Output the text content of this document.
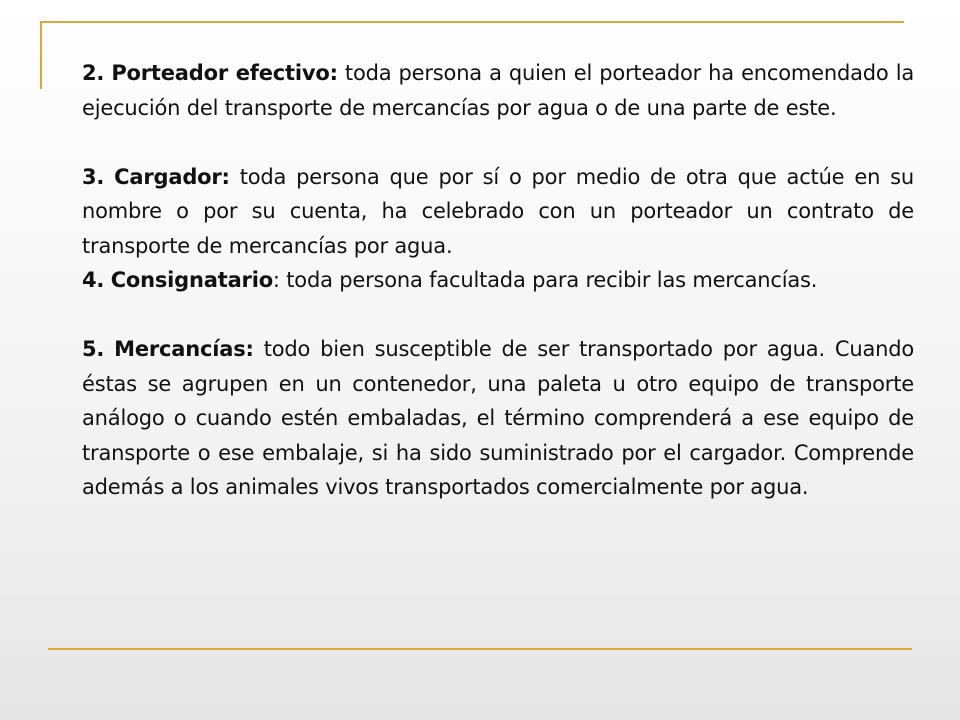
2. Porteador efectivo: toda persona a quien el porteador ha encomendado la ejecución del transporte de mercancías por agua o de una parte de este.

3. Cargador: toda persona que por sí o por medio de otra que actúe en su nombre o por su cuenta, ha celebrado con un porteador un contrato de transporte de mercancías por agua.

4. Consignatario: toda persona facultada para recibir las mercancías.

5. Mercancías: todo bien susceptible de ser transportado por agua. Cuando éstas se agrupen en un contenedor, una paleta u otro equipo de transporte análogo o cuando estén embaladas, el término comprenderá a ese equipo de transporte o ese embalaje, si ha sido suministrado por el cargador. Comprende además a los animales vivos transportados comercialmente por agua.
